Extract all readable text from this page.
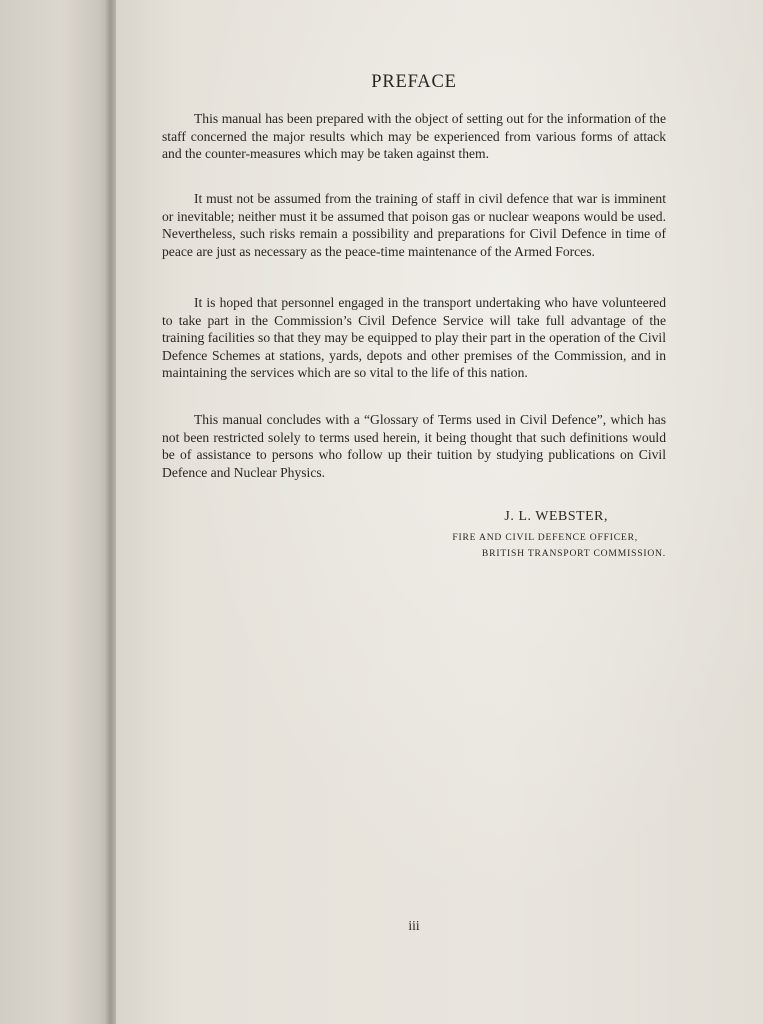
PREFACE

This manual has been prepared with the object of setting out for the information of the staff concerned the major results which may be experienced from various forms of attack and the counter-measures which may be taken against them.

It must not be assumed from the training of staff in civil defence that war is imminent or inevitable; neither must it be assumed that poison gas or nuclear weapons would be used. Nevertheless, such risks remain a possibility and preparations for Civil Defence in time of peace are just as necessary as the peace-time maintenance of the Armed Forces.

It is hoped that personnel engaged in the transport undertaking who have volunteered to take part in the Commission’s Civil Defence Service will take full advantage of the training facilities so that they may be equipped to play their part in the operation of the Civil Defence Schemes at stations, yards, depots and other premises of the Commission, and in maintaining the services which are so vital to the life of this nation.

This manual concludes with a “Glossary of Terms used in Civil Defence”, which has not been restricted solely to terms used herein, it being thought that such definitions would be of assistance to persons who follow up their tuition by studying publications on Civil Defence and Nuclear Physics.

J. L. WEBSTER,
FIRE AND CIVIL DEFENCE OFFICER,
BRITISH TRANSPORT COMMISSION.
iii
